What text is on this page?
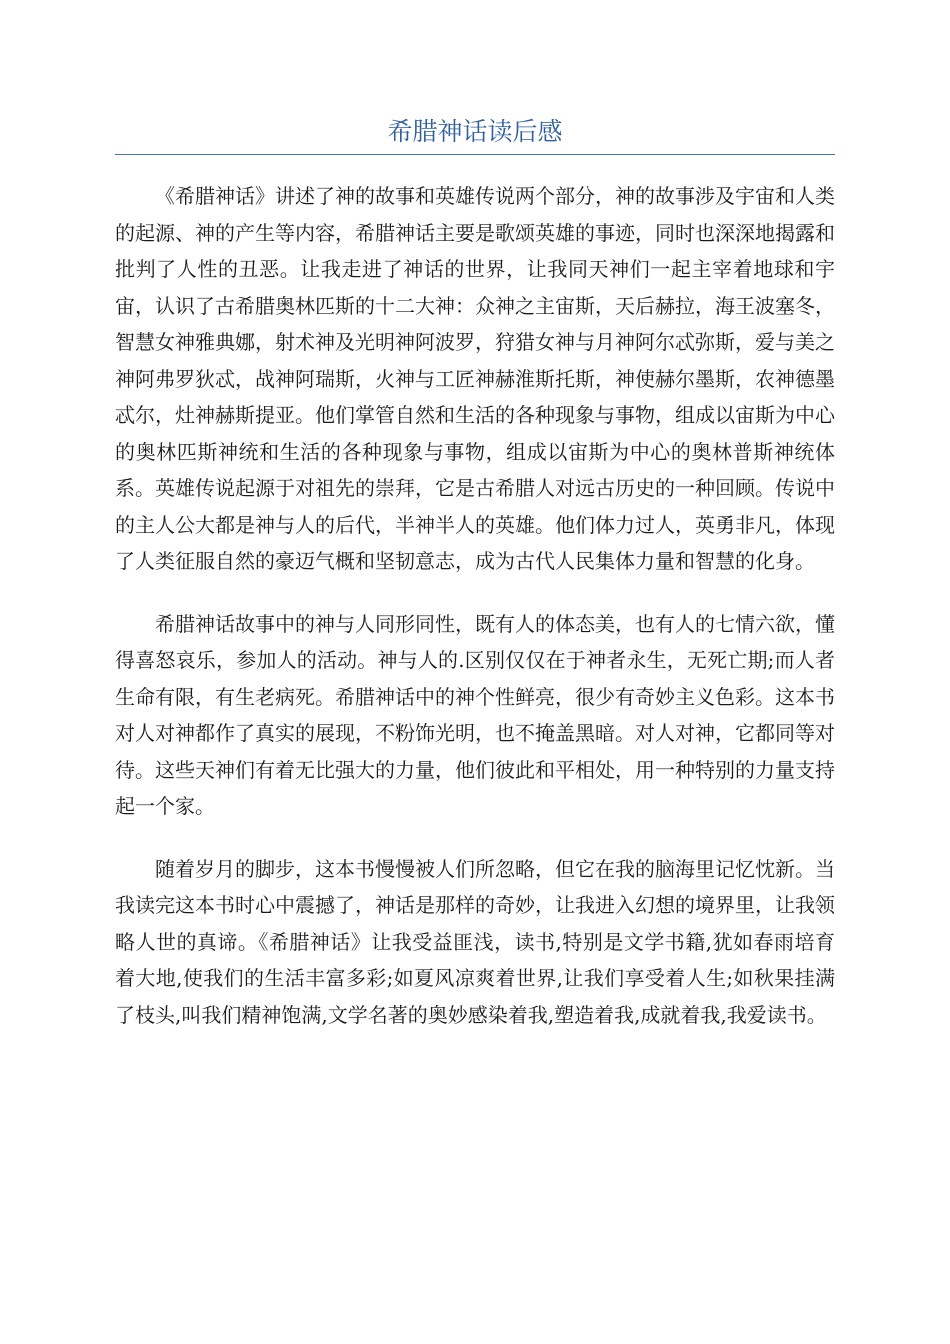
希腊神话读后感

《希腊神话》讲述了神的故事和英雄传说两个部分，神的故事涉及宇宙和人类的起源、神的产生等内容，希腊神话主要是歌颂英雄的事迹，同时也深深地揭露和批判了人性的丑恶。让我走进了神话的世界，让我同天神们一起主宰着地球和宇宙，认识了古希腊奥林匹斯的十二大神：众神之主宙斯，天后赫拉，海王波塞冬，智慧女神雅典娜，射术神及光明神阿波罗，狩猎女神与月神阿尔忒弥斯，爱与美之神阿弗罗狄忒，战神阿瑞斯，火神与工匠神赫淮斯托斯，神使赫尔墨斯，农神德墨忒尔，灶神赫斯提亚。他们掌管自然和生活的各种现象与事物，组成以宙斯为中心的奥林匹斯神统和生活的各种现象与事物，组成以宙斯为中心的奥林普斯神统体系。英雄传说起源于对祖先的崇拜，它是古希腊人对远古历史的一种回顾。传说中的主人公大都是神与人的后代，半神半人的英雄。他们体力过人，英勇非凡，体现了人类征服自然的豪迈气概和坚韧意志，成为古代人民集体力量和智慧的化身。

希腊神话故事中的神与人同形同性，既有人的体态美，也有人的七情六欲，懂得喜怒哀乐，参加人的活动。神与人的.区别仅仅在于神者永生，无死亡期;而人者生命有限，有生老病死。希腊神话中的神个性鲜亮，很少有奇妙主义色彩。这本书对人对神都作了真实的展现，不粉饰光明，也不掩盖黑暗。对人对神，它都同等对待。这些天神们有着无比强大的力量，他们彼此和平相处，用一种特别的力量支持起一个家。

随着岁月的脚步，这本书慢慢被人们所忽略，但它在我的脑海里记忆忱新。当我读完这本书时心中震撼了，神话是那样的奇妙，让我进入幻想的境界里，让我领略人世的真谛。《希腊神话》让我受益匪浅，读书,特别是文学书籍,犹如春雨培育着大地,使我们的生活丰富多彩;如夏风凉爽着世界,让我们享受着人生;如秋果挂满了枝头,叫我们精神饱满,文学名著的奥妙感染着我,塑造着我,成就着我,我爱读书。
